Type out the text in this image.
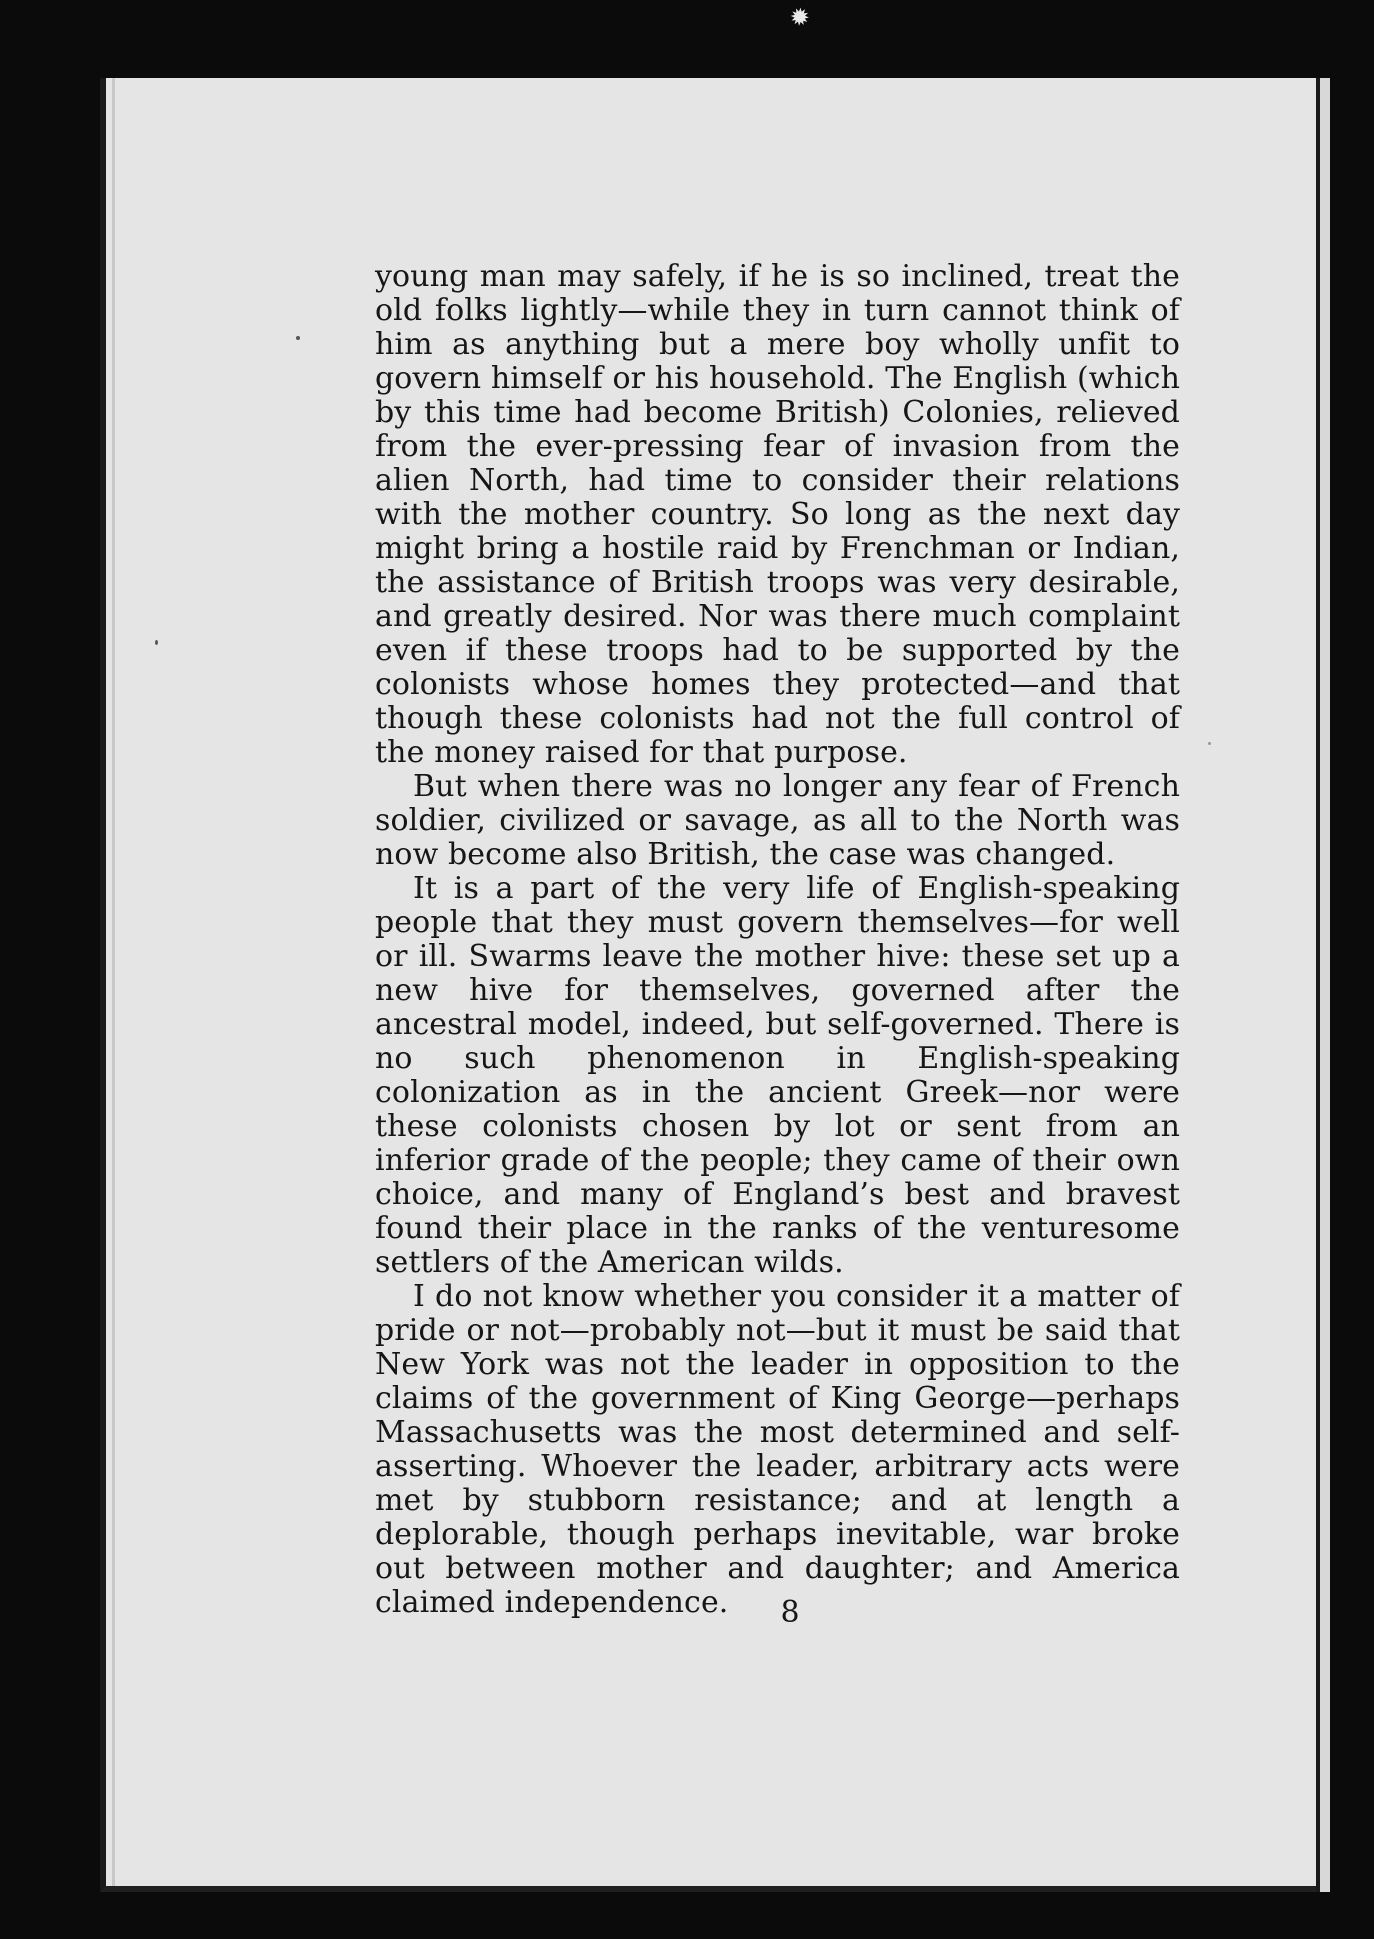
✹

young man may safely, if he is so inclined, treat the old folks lightly—while they in turn cannot think of him as anything but a mere boy wholly unfit to govern himself or his household. The English (which by this time had become British) Colonies, relieved from the ever-pressing fear of invasion from the alien North, had time to consider their relations with the mother country. So long as the next day might bring a hostile raid by Frenchman or Indian, the assistance of British troops was very desirable, and greatly desired. Nor was there much complaint even if these troops had to be supported by the colonists whose homes they protected—and that though these colonists had not the full control of the money raised for that purpose.

But when there was no longer any fear of French soldier, civilized or savage, as all to the North was now become also British, the case was changed.

It is a part of the very life of English-speaking people that they must govern themselves—for well or ill. Swarms leave the mother hive: these set up a new hive for themselves, governed after the ancestral model, indeed, but self-governed. There is no such phenomenon in English-speaking colonization as in the ancient Greek—nor were these colonists chosen by lot or sent from an inferior grade of the people; they came of their own choice, and many of England’s best and bravest found their place in the ranks of the venturesome settlers of the American wilds.

I do not know whether you consider it a matter of pride or not—probably not—but it must be said that New York was not the leader in opposition to the claims of the government of King George—perhaps Massachusetts was the most determined and self-asserting. Whoever the leader, arbitrary acts were met by stubborn resistance; and at length a deplorable, though perhaps inevitable, war broke out between mother and daughter; and America claimed independence.	8
